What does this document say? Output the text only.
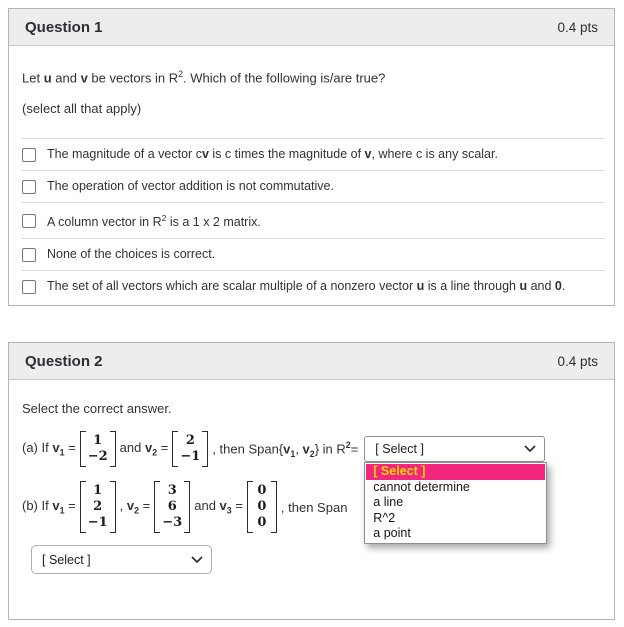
Question 1	0.4 pts
Let u and v be vectors in $R^2$. Which of the following is/are true?
(select all that apply)
The magnitude of a vector cv is c times the magnitude of v, where c is any scalar.
The operation of vector addition is not commutative.
A column vector in $R^2$ is a 1 x 2 matrix.
None of the choices is correct.
The set of all vectors which are scalar multiple of a nonzero vector u is a line through u and 0.
Question 2	0.4 pts
Select the correct answer.
(a) If $v_1$ =	1
−2
and $v_2$ =	2
−1
, then $Span\{v_1$, $v_2$} in $R^2=$ [ Select ]
[ Select ]
cannot determine
a line
R^2
a point
(b) If $v_1$ =
1
2
−1
, $v_2$ =
3
6
−3
and $v_3$ =
0
0
0
, then Span
[ Select ]
